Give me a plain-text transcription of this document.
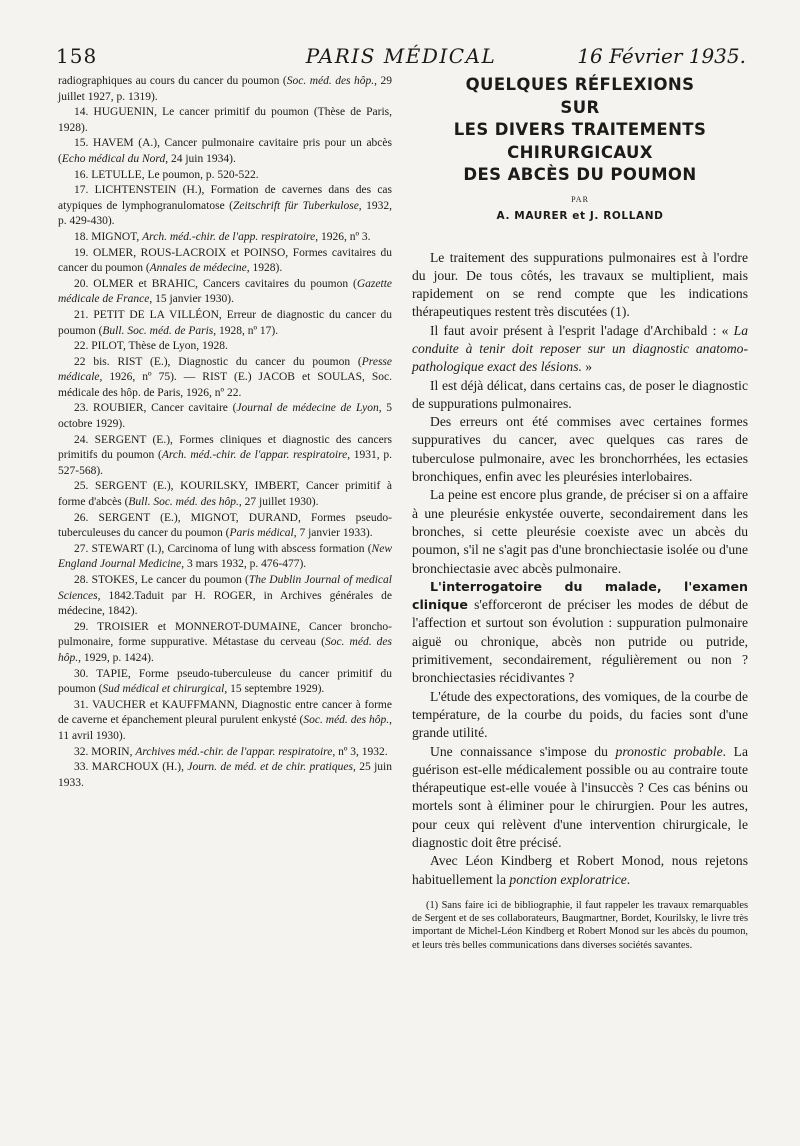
158	PARIS MÉDICAL	16 Février 1935.

radiographiques au cours du cancer du poumon (Soc. méd. des hôp., 29 juillet 1927, p. 1319).

14. HUGUENIN, Le cancer primitif du poumon (Thèse de Paris, 1928).

15. HAVEM (A.), Cancer pulmonaire cavitaire pris pour un abcès (Echo médical du Nord, 24 juin 1934).

16. LETULLE, Le poumon, p. 520-522.

17. LICHTENSTEIN (H.), Formation de cavernes dans des cas atypiques de lymphogranulomatose (Zeitschrift für Tuberkulose, 1932, p. 429-430).

18. MIGNOT, Arch. méd.-chir. de l'app. respiratoire, 1926, nº 3.

19. OLMER, ROUS-LACROIX et POINSO, Formes cavitaires du cancer du poumon (Annales de médecine, 1928).

20. OLMER et BRAHIC, Cancers cavitaires du poumon (Gazette médicale de France, 15 janvier 1930).

21. PETIT DE LA VILLÉON, Erreur de diagnostic du cancer du poumon (Bull. Soc. méd. de Paris, 1928, nº 17).

22. PILOT, Thèse de Lyon, 1928.

22 bis. RIST (E.), Diagnostic du cancer du poumon (Presse médicale, 1926, nº 75). — RIST (E.) JACOB et SOULAS, Soc. médicale des hôp. de Paris, 1926, nº 22.

23. ROUBIER, Cancer cavitaire (Journal de médecine de Lyon, 5 octobre 1929).

24. SERGENT (E.), Formes cliniques et diagnostic des cancers primitifs du poumon (Arch. méd.-chir. de l'appar. respiratoire, 1931, p. 527-568).

25. SERGENT (E.), KOURILSKY, IMBERT, Cancer primitif à forme d'abcès (Bull. Soc. méd. des hôp., 27 juillet 1930).

26. SERGENT (E.), MIGNOT, DURAND, Formes pseudo-tuberculeuses du cancer du poumon (Paris médical, 7 janvier 1933).

27. STEWART (I.), Carcinoma of lung with abscess formation (New England Journal Medicine, 3 mars 1932, p. 476-477).

28. STOKES, Le cancer du poumon (The Dublin Journal of medical Sciences, 1842.Taduit par H. ROGER, in Archives générales de médecine, 1842).

29. TROISIER et MONNEROT-DUMAINE, Cancer broncho-pulmonaire, forme suppurative. Métastase du cerveau (Soc. méd. des hôp., 1929, p. 1424).

30. TAPIE, Forme pseudo-tuberculeuse du cancer primitif du poumon (Sud médical et chirurgical, 15 septembre 1929).

31. VAUCHER et KAUFFMANN, Diagnostic entre cancer à forme de caverne et épanchement pleural purulent enkysté (Soc. méd. des hôp., 11 avril 1930).

32. MORIN, Archives méd.-chir. de l'appar. respiratoire, nº 3, 1932.

33. MARCHOUX (H.), Journ. de méd. et de chir. pratiques, 25 juin 1933.

QUELQUES RÉFLEXIONS
SUR
LES DIVERS TRAITEMENTS
CHIRURGICAUX
DES ABCÈS DU POUMON

PAR
A. MAURER et J. ROLLAND

Le traitement des suppurations pulmonaires est à l'ordre du jour. De tous côtés, les travaux se multiplient, mais rapidement on se rend compte que les indications thérapeutiques restent très discutées (1).

Il faut avoir présent à l'esprit l'adage d'Archibald : « La conduite à tenir doit reposer sur un diagnostic anatomo-pathologique exact des lésions. »

Il est déjà délicat, dans certains cas, de poser le diagnostic de suppurations pulmonaires.

Des erreurs ont été commises avec certaines formes suppuratives du cancer, avec quelques cas rares de tuberculose pulmonaire, avec les bronchorrhées, les ectasies bronchiques, enfin avec les pleurésies interlobaires.

La peine est encore plus grande, de préciser si on a affaire à une pleurésie enkystée ouverte, secondairement dans les bronches, si cette pleurésie coexiste avec un abcès du poumon, s'il ne s'agit pas d'une bronchiectasie isolée ou d'une bronchiectasie avec abcès pulmonaire.

L'interrogatoire du malade, l'examen clinique s'efforceront de préciser les modes de début de l'affection et surtout son évolution : suppuration pulmonaire aiguë ou chronique, abcès non putride ou putride, primitivement, secondairement, régulièrement ou non ? bronchiectasies récidivantes ?

L'étude des expectorations, des vomiques, de la courbe de température, de la courbe du poids, du facies sont d'une grande utilité.

Une connaissance s'impose du pronostic probable. La guérison est-elle médicalement possible ou au contraire toute thérapeutique est-elle vouée à l'insuccès ? Ces cas bénins ou mortels sont à éliminer pour le chirurgien. Pour les autres, pour ceux qui relèvent d'une intervention chirurgicale, le diagnostic doit être précisé.

Avec Léon Kindberg et Robert Monod, nous rejetons habituellement la ponction exploratrice.

(1) Sans faire ici de bibliographie, il faut rappeler les travaux remarquables de Sergent et de ses collaborateurs, Baugmartner, Bordet, Kourilsky, le livre très important de Michel-Léon Kindberg et Robert Monod sur les abcès du poumon, et leurs très belles communications dans diverses sociétés savantes.
